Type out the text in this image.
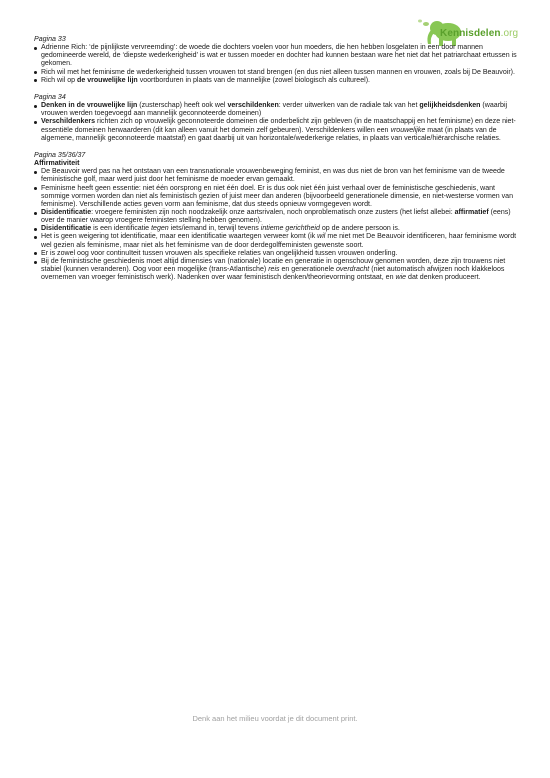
Kennisdelen.org

Pagina 33

Adrienne Rich: ‘de pijnlijkste vervreemding’: de woede die dochters voelen voor hun moeders, die hen hebben losgelaten in een door mannen gedomineerde wereld, de ‘diepste wederkerigheid’ is wat er tussen moeder en dochter had kunnen bestaan ware het niet dat het patriarchaat ertussen is gekomen.
Rich wil met het feminisme de wederkerigheid tussen vrouwen tot stand brengen (en dus niet alleen tussen mannen en vrouwen, zoals bij De Beauvoir).
Rich wil op de vrouwelijke lijn voortborduren in plaats van de mannelijke (zowel biologisch als cultureel).

Pagina 34

Denken in de vrouwelijke lijn (zusterschap) heeft ook wel verschildenken: verder uitwerken van de radiale tak van het gelijkheidsdenken (waarbij vrouwen werden toegevoegd aan mannelijk geconnoteerde domeinen)
Verschildenkers richten zich op vrouwelijk geconnoteerde domeinen die onderbelicht zijn gebleven (in de maatschappij en het feminisme) en deze niet-essentiële domeinen herwaarderen (dit kan alleen vanuit het domein zelf gebeuren). Verschildenkers willen een vrouwelijke maat (in plaats van de algemene, mannelijk geconnoteerde maatstaf) en gaat daarbij uit van horizontale/wederkerige relaties, in plaats van verticale/hiërarchische relaties.

Pagina 35/36/37

Affirmativiteit

De Beauvoir werd pas na het ontstaan van een transnationale vrouwenbeweging feminist, en was dus niet de bron van het feminisme van de tweede feministische golf, maar werd juist door het feminisme de moeder ervan gemaakt.
Feminisme heeft geen essentie: niet één oorsprong en niet één doel. Er is dus ook niet één juist verhaal over de feministische geschiedenis, want sommige vormen worden dan niet als feministisch gezien of juist meer dan anderen (bijvoorbeeld generationele dimensie, en niet-westerse vormen van feminisme). Verschillende acties geven vorm aan feminisme, dat dus steeds opnieuw vormgegeven wordt.
Disidentificatie: vroegere feministen zijn noch noodzakelijk onze aartsrivalen, noch onproblematisch onze zusters (het liefst allebei: affirmatief (eens) over de manier waarop vroegere feministen stelling hebben genomen).
Disidentificatie is een identificatie tegen iets/iemand in, terwijl tevens intieme gerichtheid op de andere persoon is.
Het is geen weigering tot identificatie, maar een identificatie waartegen verweer komt (ik wil me niet met De Beauvoir identificeren, haar feminisme wordt wel gezien als feminisme, maar niet als het feminisme van de door derdegolffeministen gewenste soort.
Er is zowel oog voor continuïteit tussen vrouwen als specifieke relaties van ongelijkheid tussen vrouwen onderling.
Bij de feministische geschiedenis moet altijd dimensies van (nationale) locatie en generatie in ogenschouw genomen worden, deze zijn trouwens niet stabiel (kunnen veranderen). Oog voor een mogelijke (trans-Atlantische) reis en generationele overdracht (niet automatisch afwijzen noch klakkeloos overnemen van vroeger feministisch werk). Nadenken over waar feministisch denken/theorievorming ontstaat, en wie dat denken produceert.
Denk aan het milieu voordat je dit document print.
